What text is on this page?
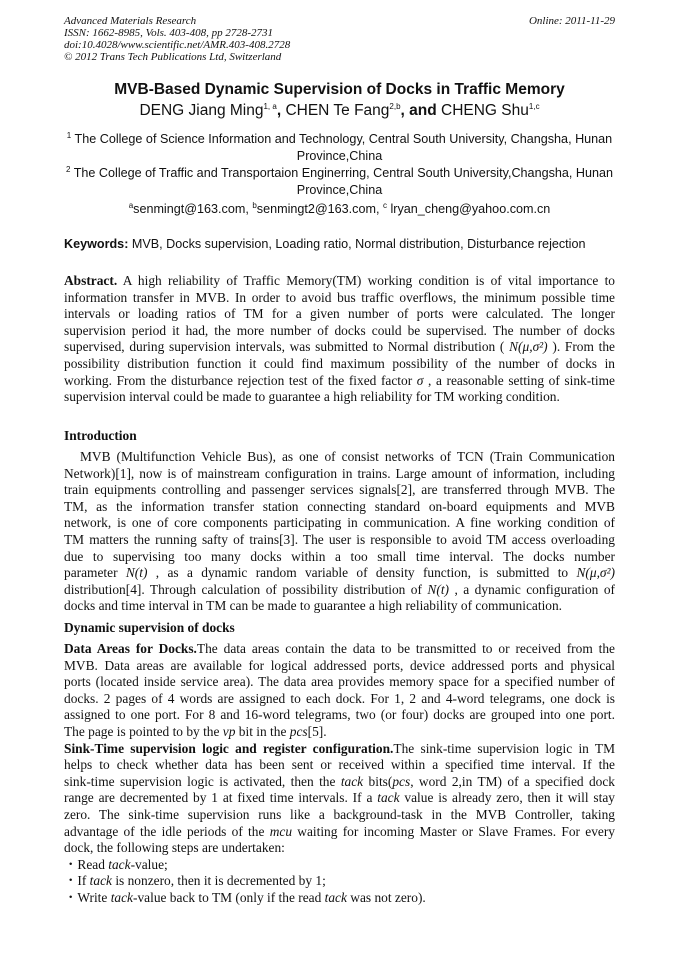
Advanced Materials Research
ISSN: 1662-8985, Vols. 403-408, pp 2728-2731
doi:10.4028/www.scientific.net/AMR.403-408.2728
© 2012 Trans Tech Publications Ltd, Switzerland
Online: 2011-11-29
MVB-Based Dynamic Supervision of Docks in Traffic Memory
DENG Jiang Ming$^{1, a}$, CHEN Te Fang$^{2,b}$, and CHENG Shu$^{1,c}$
$^1$ The College of Science Information and Technology, Central South University, Changsha, Hunan
Province,China
$^2$ The College of Traffic and Transportaion Enginerring, Central South University,Changsha, Hunan
Province,China
$^a$senmingt@163.com, $^b$senmingt2@163.com, $^c$ lryan_cheng@yahoo.com.cn
Keywords: MVB, Docks supervision, Loading ratio, Normal distribution, Disturbance rejection
Abstract. A high reliability of Traffic Memory(TM) working condition is of vital importance to
information transfer in MVB. In order to avoid bus traffic overflows, the minimum possible time
intervals or loading ratios of TM for a given number of ports were calculated. The longer
supervision period it had, the more number of docks could be supervised. The number of docks
supervised, during supervision intervals, was submitted to Normal distribution ( N(μ,σ²) ). From the
possibility distribution function it could find maximum possibility of the number of docks in
working. From the disturbance rejection test of the fixed factor σ , a reasonable setting of sink-time
supervision interval could be made to guarantee a high reliability for TM working condition.
Introduction
MVB (Multifunction Vehicle Bus), as one of consist networks of TCN (Train Communication
Network)[1], now is of mainstream configuration in trains. Large amount of information, including
train equipments controlling and passenger services signals[2], are transferred through MVB. The
TM, as the information transfer station connecting standard on-board equipments and MVB
network, is one of core components participating in communication. A fine working condition of
TM matters the running safty of trains[3]. The user is responsible to avoid TM access overloading
due to supervising too many docks within a too small time interval. The docks number
parameter N(t) , as a dynamic random variable of density function, is submitted to N(μ,σ²)
distribution[4]. Through calculation of possibility distribution of N(t) , a dynamic configuration of
docks and time interval in TM can be made to guarantee a high reliability of communication.
Dynamic supervision of docks
Data Areas for Docks.The data areas contain the data to be transmitted to or received from the
MVB. Data areas are available for logical addressed ports, device addressed ports and physical
ports (located inside service area). The data area provides memory space for a specified number of
docks. 2 pages of 4 words are assigned to each dock. For 1, 2 and 4-word telegrams, one dock is
assigned to one port. For 8 and 16-word telegrams, two (or four) docks are grouped into one port.
The page is pointed to by the vp bit in the pcs[5].
Sink-Time supervision logic and register configuration.The sink-time supervision logic in TM
helps to check whether data has been sent or received within a specified time interval. If the
sink-time supervision logic is activated, then the tack bits(pcs, word 2,in TM) of a specified dock
range are decremented by 1 at fixed time intervals. If a tack value is already zero, then it will stay
zero. The sink-time supervision runs like a background-task in the MVB Controller, taking
advantage of the idle periods of the mcu waiting for incoming Master or Slave Frames. For every
dock, the following steps are undertaken:
・Read tack-value;
・If tack is nonzero, then it is decremented by 1;
・Write tack-value back to TM (only if the read tack was not zero).
